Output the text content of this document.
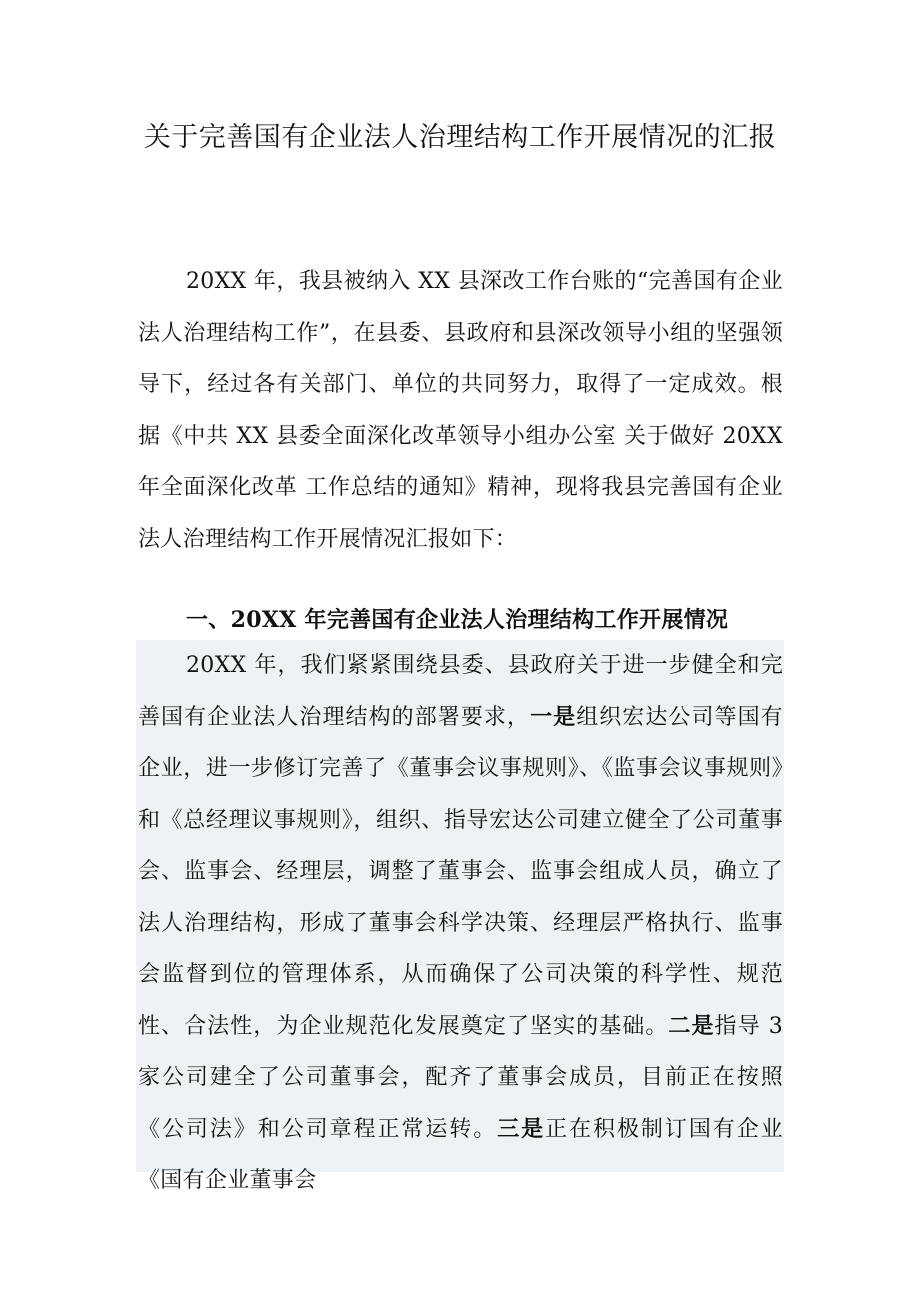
关于完善国有企业法人治理结构工作开展情况的汇报
20XX 年，我县被纳入 XX 县深改工作台账的“完善国有企业法人治理结构工作”，在县委、县政府和县深改领导小组的坚强领导下，经过各有关部门、单位的共同努力，取得了一定成效。根据《中共 XX 县委全面深化改革领导小组办公室 关于做好 20XX 年全面深化改革 工作总结的通知》精神，现将我县完善国有企业法人治理结构工作开展情况汇报如下：
一、20XX 年完善国有企业法人治理结构工作开展情况
20XX 年，我们紧紧围绕县委、县政府关于进一步健全和完善国有企业法人治理结构的部署要求，一是组织宏达公司等国有企业，进一步修订完善了《董事会议事规则》、《监事会议事规则》和《总经理议事规则》，组织、指导宏达公司建立健全了公司董事会、监事会、经理层，调整了董事会、监事会组成人员，确立了法人治理结构，形成了董事会科学决策、经理层严格执行、监事会监督到位的管理体系，从而确保了公司决策的科学性、规范性、合法性，为企业规范化发展奠定了坚实的基础。二是指导 3 家公司建全了公司董事会，配齐了董事会成员，目前正在按照《公司法》和公司章程正常运转。三是正在积极制订国有企业《国有企业董事会
